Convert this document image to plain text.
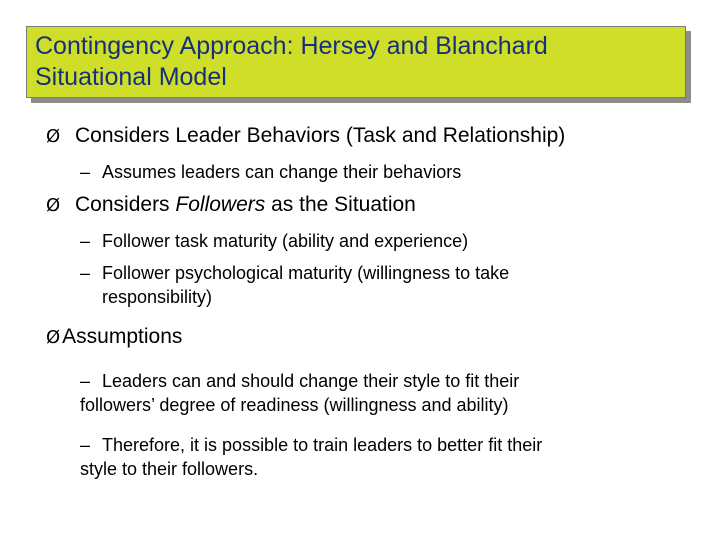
Contingency Approach: Hersey and Blanchard
Situational Model
Ø Considers Leader Behaviors (Task and Relationship)
– Assumes leaders can change their behaviors
Ø Considers Followers as the Situation
– Follower task maturity (ability and experience)
– Follower psychological maturity (willingness to take
responsibility)
ØAssumptions
– Leaders can and should change their style to fit their
followers’ degree of readiness (willingness and ability)
– Therefore, it is possible to train leaders to better fit their
style to their followers.
